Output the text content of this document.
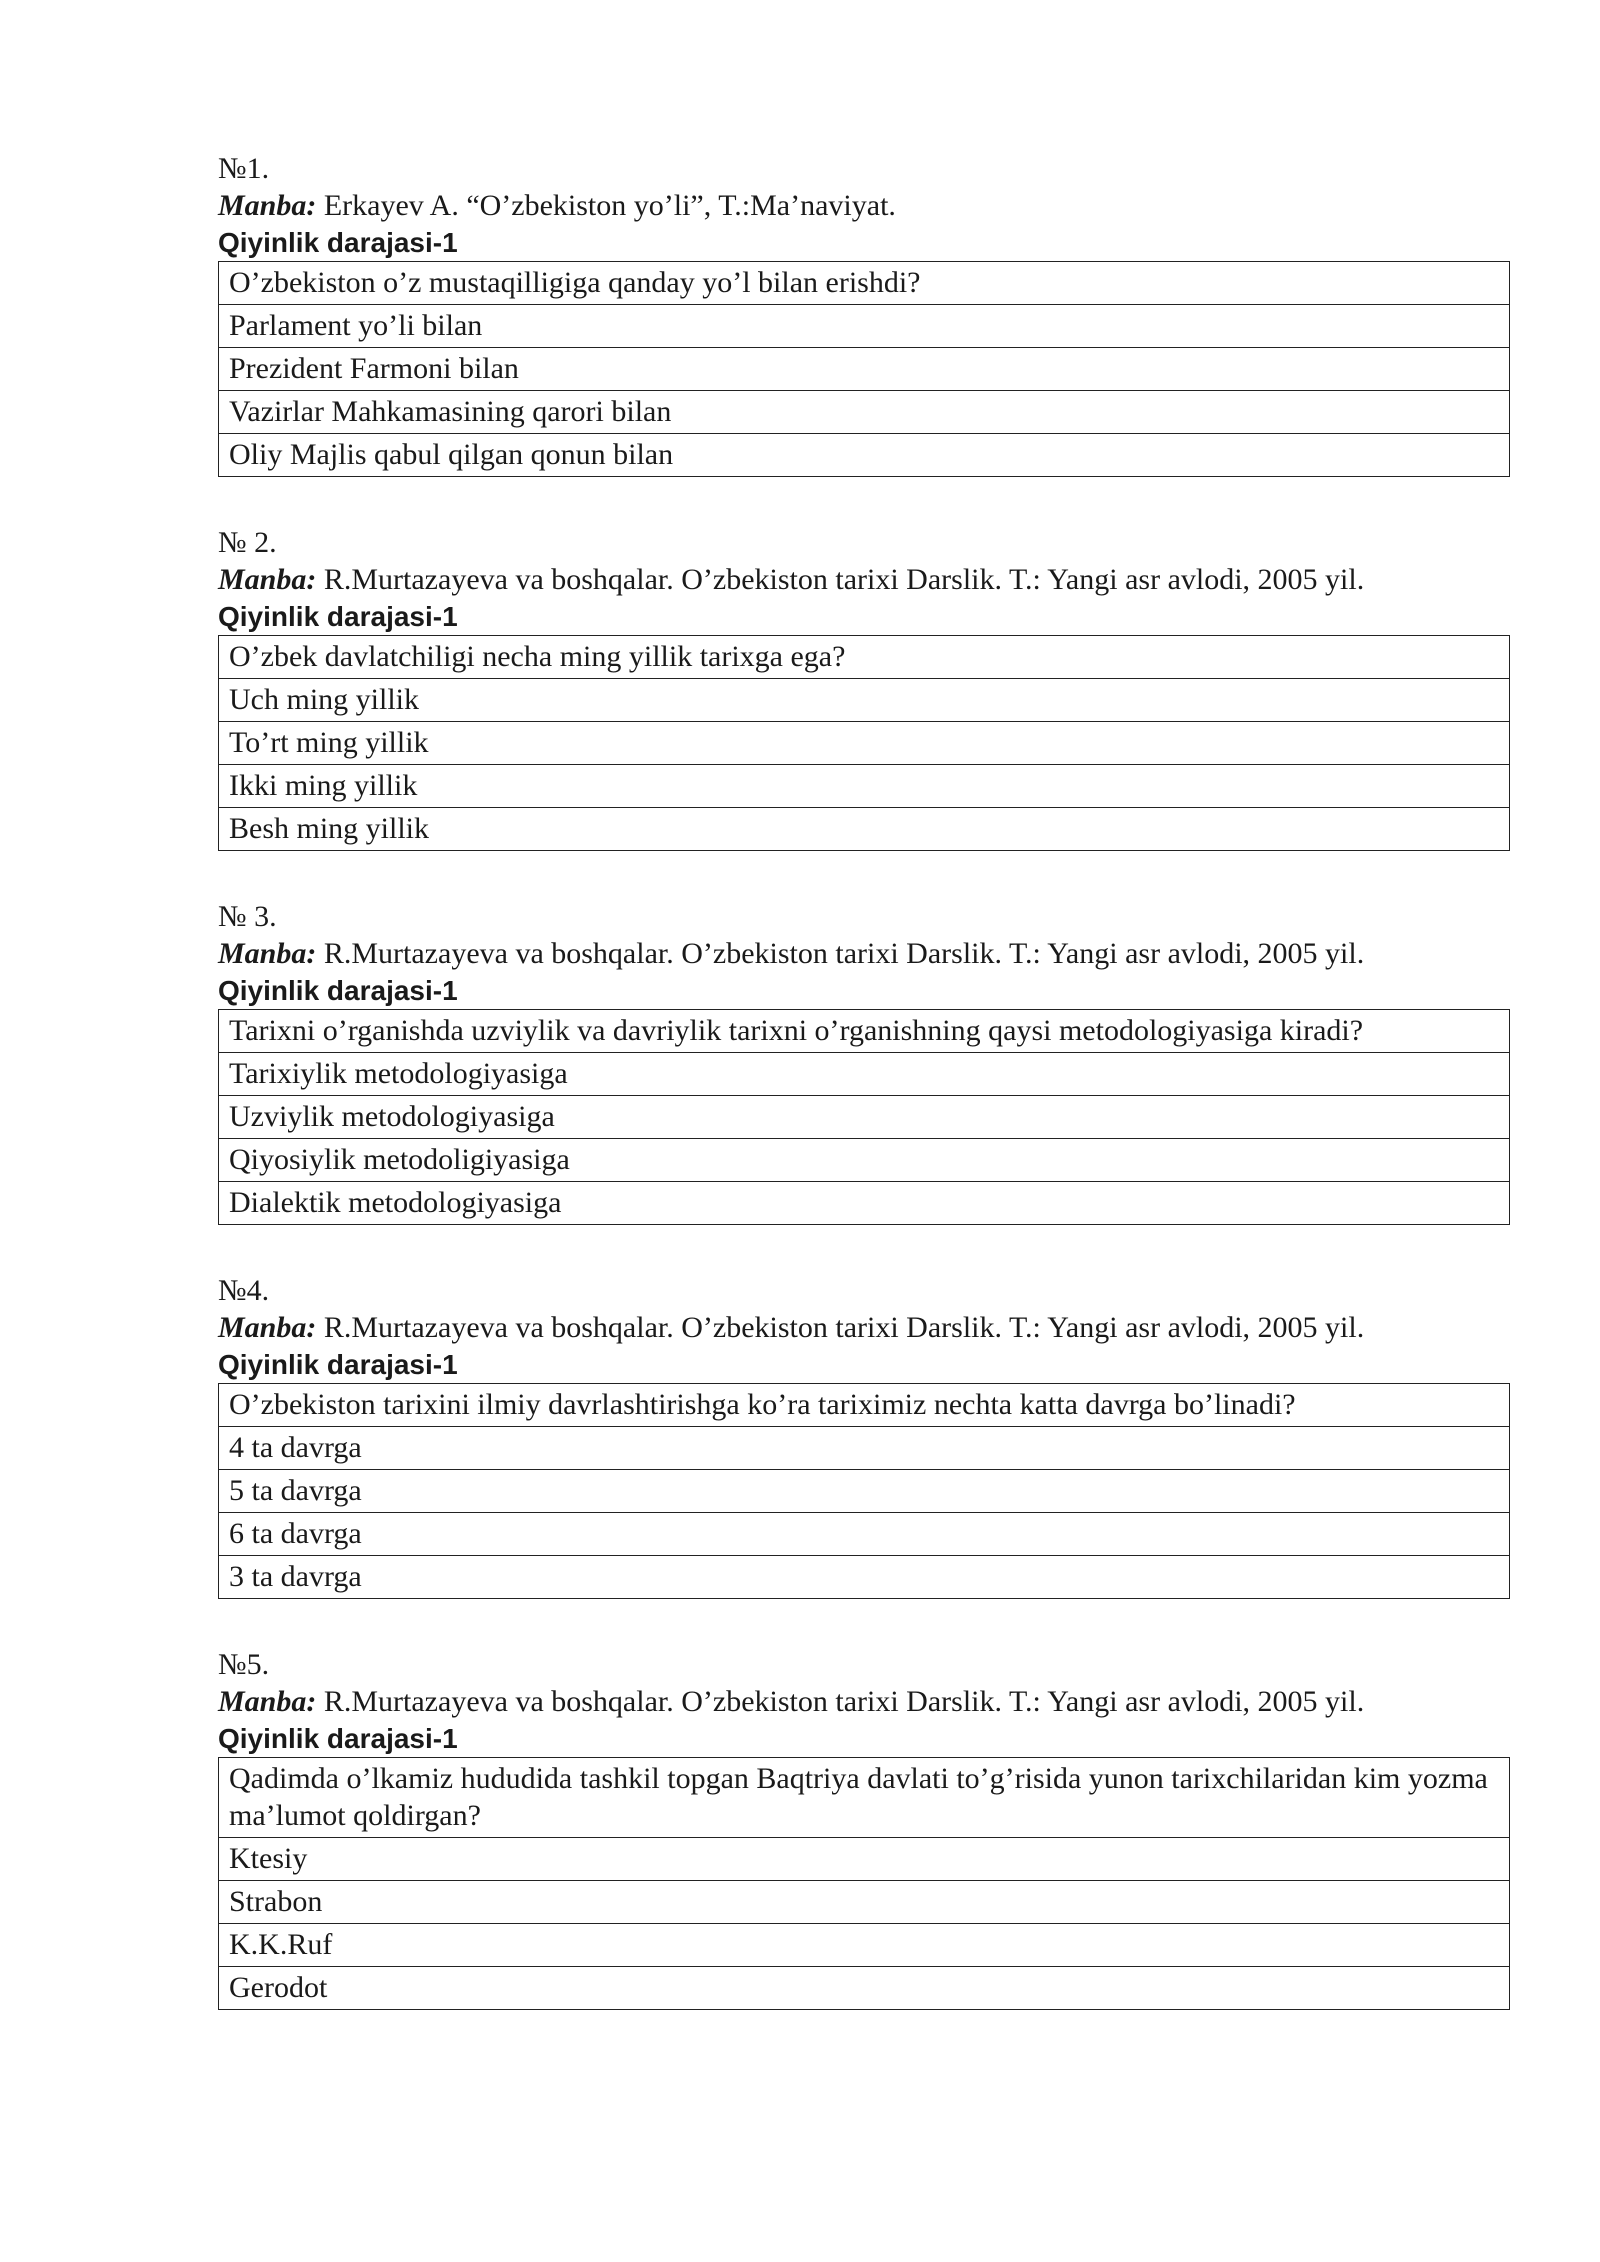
№1.
Manba: Erkayev A. “O’zbekiston yo’li”, T.:Ma’naviyat.
Qiyinlik darajasi-1
O’zbekiston o’z mustaqilligiga qanday yo’l bilan erishdi?
Parlament yo’li bilan
Prezident Farmoni bilan
Vazirlar Mahkamasining qarori bilan
Oliy Majlis qabul qilgan qonun bilan
№ 2.
Manba: R.Murtazayeva va boshqalar. O’zbekiston tarixi Darslik. T.: Yangi asr avlodi, 2005 yil.
Qiyinlik darajasi-1
O’zbek davlatchiligi necha ming yillik tarixga ega?
Uch ming yillik
To’rt ming yillik
Ikki ming yillik
Besh ming yillik
№ 3.
Manba: R.Murtazayeva va boshqalar. O’zbekiston tarixi Darslik. T.: Yangi asr avlodi, 2005 yil.
Qiyinlik darajasi-1
Tarixni o’rganishda uzviylik va davriylik tarixni o’rganishning qaysi metodologiyasiga kiradi?
Tarixiylik metodologiyasiga
Uzviylik metodologiyasiga
Qiyosiylik metodoligiyasiga
Dialektik metodologiyasiga
№4.
Manba: R.Murtazayeva va boshqalar. O’zbekiston tarixi Darslik. T.: Yangi asr avlodi, 2005 yil.
Qiyinlik darajasi-1
O’zbekiston tarixini ilmiy davrlashtirishga ko’ra tariximiz nechta katta davrga bo’linadi?
4 ta davrga
5 ta davrga
6 ta davrga
3 ta davrga
№5.
Manba: R.Murtazayeva va boshqalar. O’zbekiston tarixi Darslik. T.: Yangi asr avlodi, 2005 yil.
Qiyinlik darajasi-1
Qadimda o’lkamiz hududida tashkil topgan Baqtriya davlati to’g’risida yunon tarixchilaridan kim yozma ma’lumot qoldirgan?
Ktesiy
Strabon
K.K.Ruf
Gerodot
